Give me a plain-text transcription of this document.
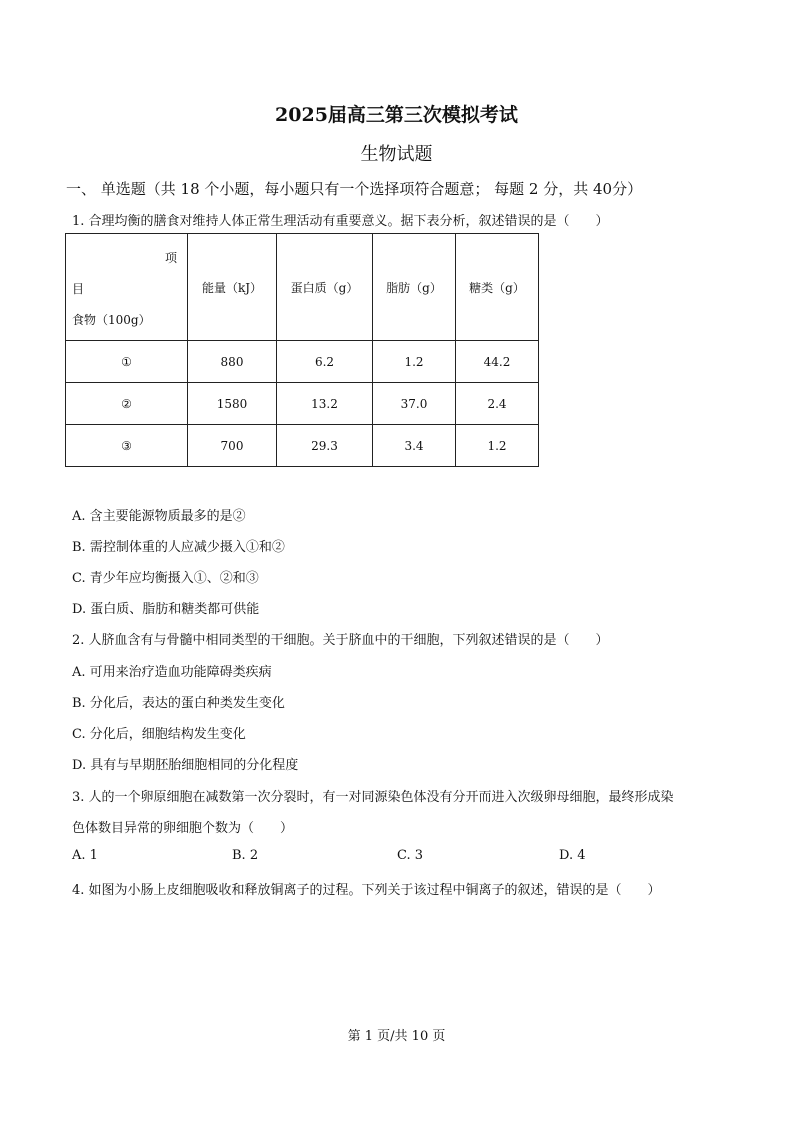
2025届高三第三次模拟考试
生物试题
一、 单选题（共 18 个小题，每小题只有一个选择项符合题意； 每题 2 分，共 40分）
1. 合理均衡的膳食对维持人体正常生理活动有重要意义。据下表分析，叙述错误的是（　　）
项
目
食物（100g）	能量（kJ）	蛋白质（g）	脂肪（g）	糖类（g）
①	880	6.2	1.2	44.2
②	1580	13.2	37.0	2.4
③	700	29.3	3.4	1.2
A. 含主要能源物质最多的是②
B. 需控制体重的人应减少摄入①和②
C. 青少年应均衡摄入①、②和③
D. 蛋白质、脂肪和糖类都可供能
2. 人脐血含有与骨髓中相同类型的干细胞。关于脐血中的干细胞，下列叙述错误的是（　　）
A. 可用来治疗造血功能障碍类疾病
B. 分化后，表达的蛋白种类发生变化
C. 分化后，细胞结构发生变化
D. 具有与早期胚胎细胞相同的分化程度
3. 人的一个卵原细胞在减数第一次分裂时，有一对同源染色体没有分开而进入次级卵母细胞，最终形成染
色体数目异常的卵细胞个数为（　　）
A. 1	B. 2	C. 3	D. 4
4. 如图为小肠上皮细胞吸收和释放铜离子的过程。下列关于该过程中铜离子的叙述，错误的是（　　）
第 1 页/共 10 页
